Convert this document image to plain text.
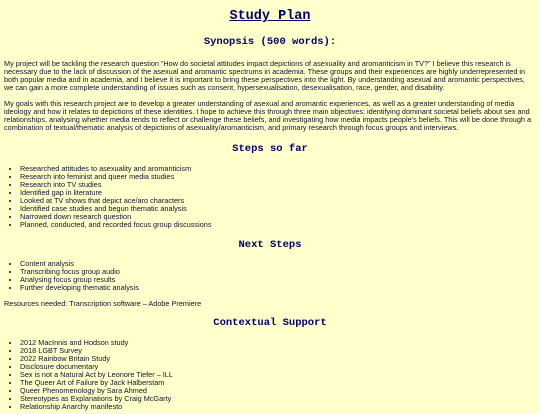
Study Plan
Synopsis (500 words):

My project will be tackling the research question “How do societal attitudes impact depictions of asexuality and aromanticism in TV?” I believe this research is necessary due to the lack of discussion of the asexual and aromantic spectrums in academia. These groups and their experiences are highly underrepresented in both popular media and in academia, and I believe it is important to bring these perspectives into the light. By understanding asexual and aromantic perspectives, we can gain a more complete understanding of issues such as consent, hypersexualisation, desexualisation, race, gender, and disability.

My goals with this research project are to develop a greater understanding of asexual and aromantic experiences, as well as a greater understanding of media ideology and how it relates to depictions of these identities. I hope to achieve this through three main objectives: identifying dominant societal beliefs about sex and relationships, analysing whether media tends to reflect or challenge these beliefs, and investigating how media impacts people’s beliefs. This will be done through a combination of textual/thematic analysis of depictions of asexuality/aromanticism, and primary research through focus groups and interviews.

Steps so far
• Researched attitudes to asexuality and aromanticism
• Research into feminist and queer media studies
• Research into TV studies
• Identified gap in literature
• Looked at TV shows that depict ace/aro characters
• Identified case studies and begun thematic analysis
• Narrowed down research question
• Planned, conducted, and recorded focus group discussions
Next Steps
• Content analysis
• Transcribing focus group audio
• Analysing focus group results
• Further developing thematic analysis

Resources needed: Transcription software – Adobe Premiere

Contextual Support
• 2012 MacInnis and Hodson study
• 2018 LGBT Survey
• 2022 Rainbow Britain Study
• Disclosure documentary
• Sex is not a Natural Act by Leonore Tiefer – ILL
• The Queer Art of Failure by Jack Halberstam
• Queer Phenomenology by Sara Ahmed
• Stereotypes as Explanations by Craig McGarty
• Relationship Anarchy manifesto
